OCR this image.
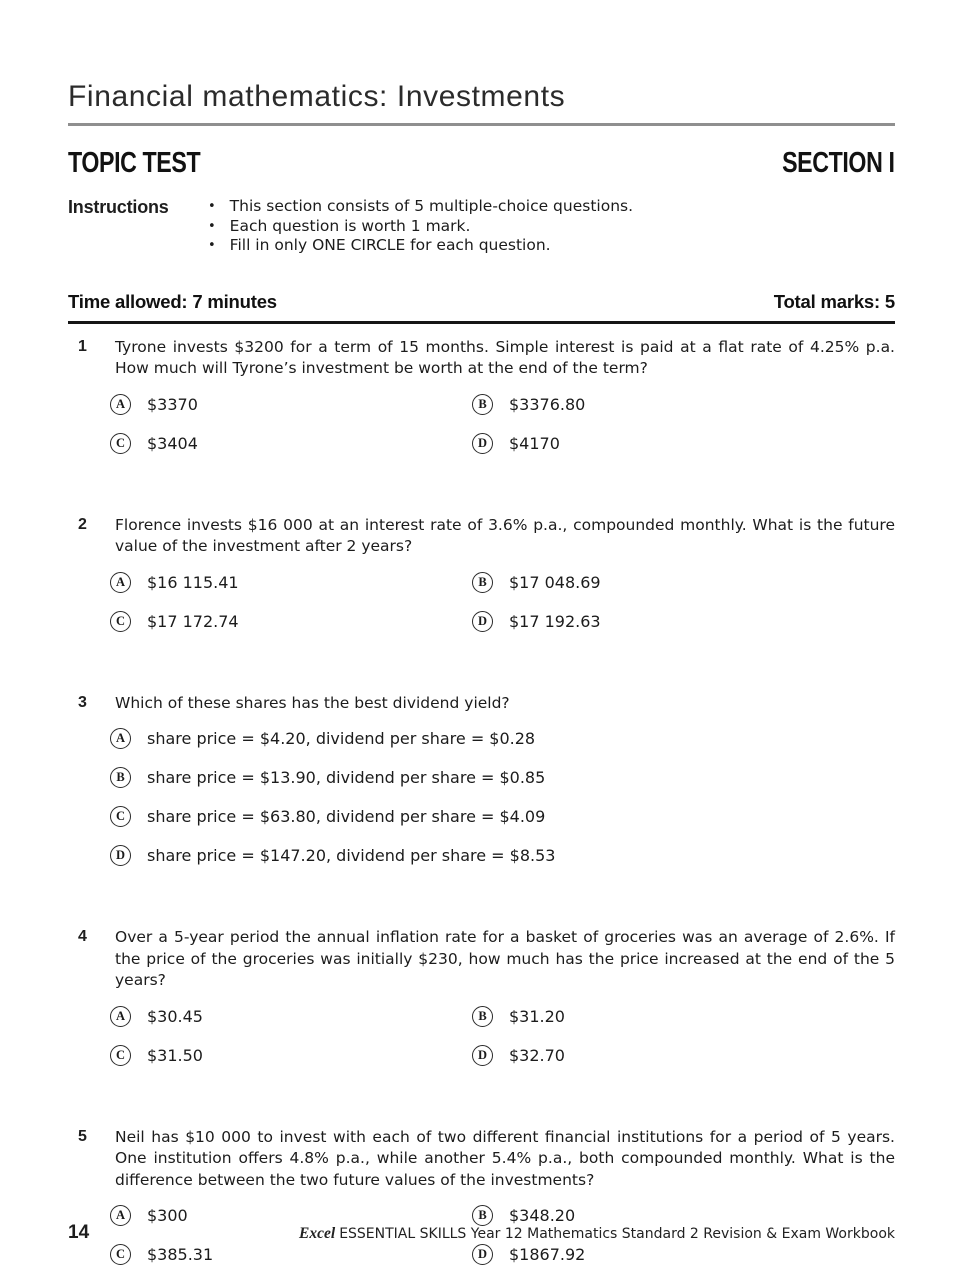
Financial mathematics: Investments
TOPIC TEST	SECTION I
Instructions	• This section consists of 5 multiple-choice questions.
• Each question is worth 1 mark.
• Fill in only ONE CIRCLE for each question.
Time allowed: 7 minutes	Total marks: 5
1	Tyrone invests $3200 for a term of 15 months. Simple interest is paid at a flat rate of 4.25% p.a. How much will Tyrone’s investment be worth at the end of the term?

A	$3370	B	$3376.80
C	$3404	D	$4170
2	Florence invests $16 000 at an interest rate of 3.6% p.a., compounded monthly. What is the future value of the investment after 2 years?

A	$16 115.41	B	$17 048.69
C	$17 172.74	D	$17 192.63
3	Which of these shares has the best dividend yield?

A	share price = $4.20, dividend per share = $0.28
B	share price = $13.90, dividend per share = $0.85
C	share price = $63.80, dividend per share = $4.09
D	share price = $147.20, dividend per share = $8.53
4	Over a 5-year period the annual inflation rate for a basket of groceries was an average of 2.6%. If the price of the groceries was initially $230, how much has the price increased at the end of the 5 years?

A	$30.45	B	$31.20
C	$31.50	D	$32.70
5	Neil has $10 000 to invest with each of two different financial institutions for a period of 5 years. One institution offers 4.8% p.a., while another 5.4% p.a., both compounded monthly. What is the difference between the two future values of the investments?

A	$300	B	$348.20
C	$385.31	D	$1867.92
14	Excel ESSENTIAL SKILLS Year 12 Mathematics Standard 2 Revision & Exam Workbook
